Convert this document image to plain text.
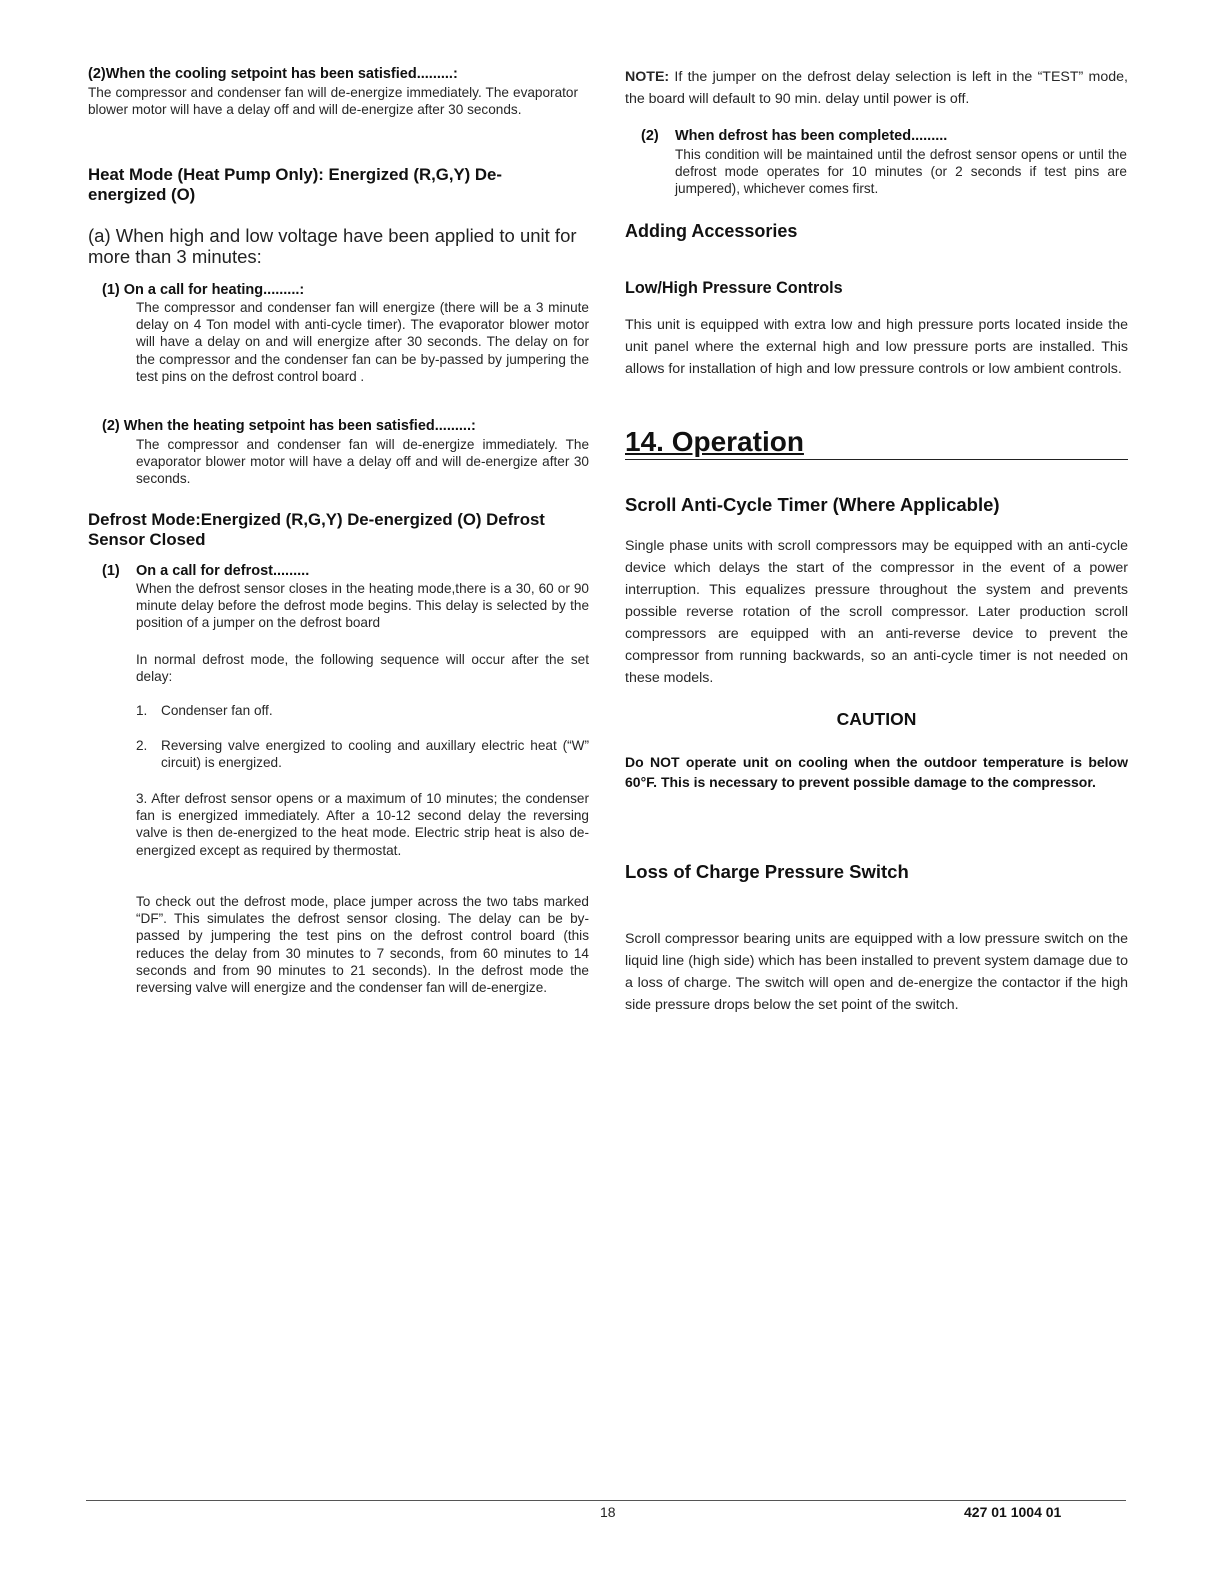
(2)When the cooling setpoint has been satisfied.........:
The compressor and condenser fan will de-energize immediately. The evaporator blower motor will have a delay off and will de-energize after 30 seconds.
Heat Mode (Heat Pump Only): Energized (R,G,Y) De-energized (O)
(a) When high and low voltage have been applied to unit for more than 3 minutes:
(1) On a call for heating.........:
The compressor and condenser fan will energize (there will be a 3 minute delay on 4 Ton model with anti-cycle timer). The evaporator blower motor will have a delay on and will energize after 30 seconds. The delay on for the compressor and the condenser fan can be by-passed by jumpering the test pins on the defrost control board .
(2) When the heating setpoint has been satisfied.........:
The compressor and condenser fan will de-energize immediately. The evaporator blower motor will have a delay off and will de-energize after 30 seconds.
Defrost Mode:Energized (R,G,Y) De-energized (O) Defrost Sensor Closed
(1) On a call for defrost.........
When the defrost sensor closes in the heating mode,there is a 30, 60 or 90 minute delay before the defrost mode begins. This delay is selected by the position of a jumper on the defrost board
In normal defrost mode, the following sequence will occur after the set delay:
1.	Condenser fan off.
2.	Reversing valve energized to cooling and auxillary electric heat (“W” circuit) is energized.
3. After defrost sensor opens or a maximum of 10 minutes; the condenser fan is energized immediately. After a 10-12 second delay the reversing valve is then de-energized to the heat mode. Electric strip heat is also de-energized except as required by thermostat.
To check out the defrost mode, place jumper across the two tabs marked “DF”. This simulates the defrost sensor closing. The delay can be by-passed by jumpering the test pins on the defrost control board (this reduces the delay from 30 minutes to 7 seconds, from 60 minutes to 14 seconds and from 90 minutes to 21 seconds). In the defrost mode the reversing valve will energize and the condenser fan will de-energize.
NOTE: If the jumper on the defrost delay selection is left in the “TEST” mode, the board will default to 90 min. delay until power is off.
(2) When defrost has been completed.........
This condition will be maintained until the defrost sensor opens or until the defrost mode operates for 10 minutes (or 2 seconds if test pins are jumpered), whichever comes first.
Adding Accessories
Low/High Pressure Controls
This unit is equipped with extra low and high pressure ports located inside the unit panel where the external high and low pressure ports are installed. This allows for installation of high and low pressure controls or low ambient controls.
14. Operation
Scroll Anti-Cycle Timer (Where Applicable)
Single phase units with scroll compressors may be equipped with an anti-cycle device which delays the start of the compressor in the event of a power interruption. This equalizes pressure throughout the system and prevents possible reverse rotation of the scroll compressor. Later production scroll compressors are equipped with an anti-reverse device to prevent the compressor from running backwards, so an anti-cycle timer is not needed on these models.
CAUTION
Do NOT operate unit on cooling when the outdoor temperature is below 60°F. This is necessary to prevent possible damage to the compressor.
Loss of Charge Pressure Switch
Scroll compressor bearing units are equipped with a low pressure switch on the liquid line (high side) which has been installed to prevent system damage due to a loss of charge. The switch will open and de-energize the contactor if the high side pressure drops below the set point of the switch.
18	427 01 1004 01
